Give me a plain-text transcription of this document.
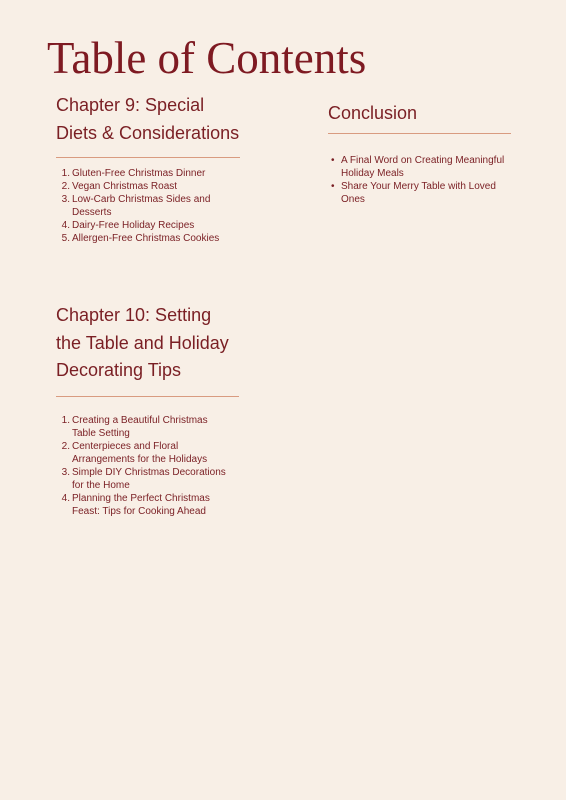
Table of Contents
Chapter 9: Special Diets & Considerations
1. Gluten-Free Christmas Dinner
2. Vegan Christmas Roast
3. Low-Carb Christmas Sides and Desserts
4. Dairy-Free Holiday Recipes
5. Allergen-Free Christmas Cookies
Chapter 10: Setting the Table and Holiday Decorating Tips
1. Creating a Beautiful Christmas Table Setting
2. Centerpieces and Floral Arrangements for the Holidays
3. Simple DIY Christmas Decorations for the Home
4. Planning the Perfect Christmas Feast: Tips for Cooking Ahead
Conclusion
• A Final Word on Creating Meaningful Holiday Meals
• Share Your Merry Table with Loved Ones
